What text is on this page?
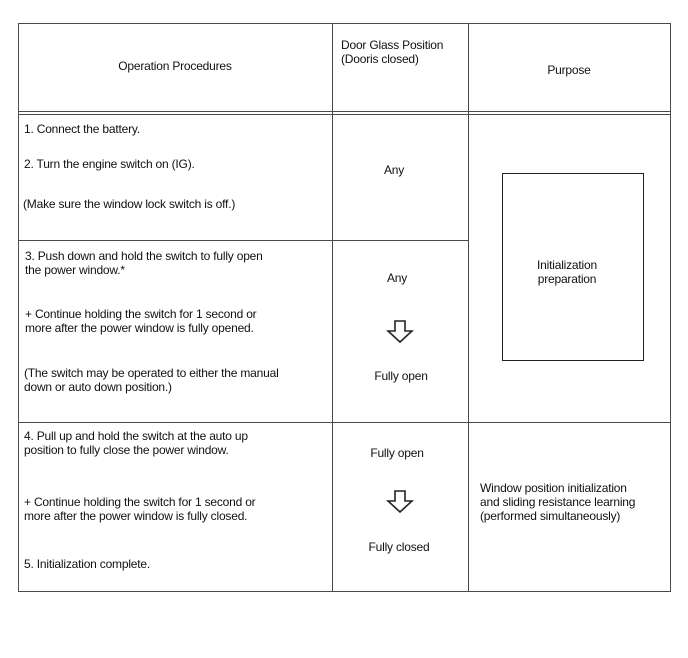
Operation Procedures
Door Glass Position
(Dooris closed)
Purpose
1. Connect the battery.
2. Turn the engine switch on (IG).
(Make sure the window lock switch is off.)
Any
3. Push down and hold the switch to fully open
the power window.*
+ Continue holding the switch for 1 second or
more after the power window is fully opened.
(The switch may be operated to either the manual
down or auto down position.)
Any
Fully open
Initialization
preparation
4. Pull up and hold the switch at the auto up
position to fully close the power window.
+ Continue holding the switch for 1 second or
more after the power window is fully closed.
5. Initialization complete.
Fully open
Fully closed
Window position initialization
and sliding resistance learning
(performed simultaneously)
